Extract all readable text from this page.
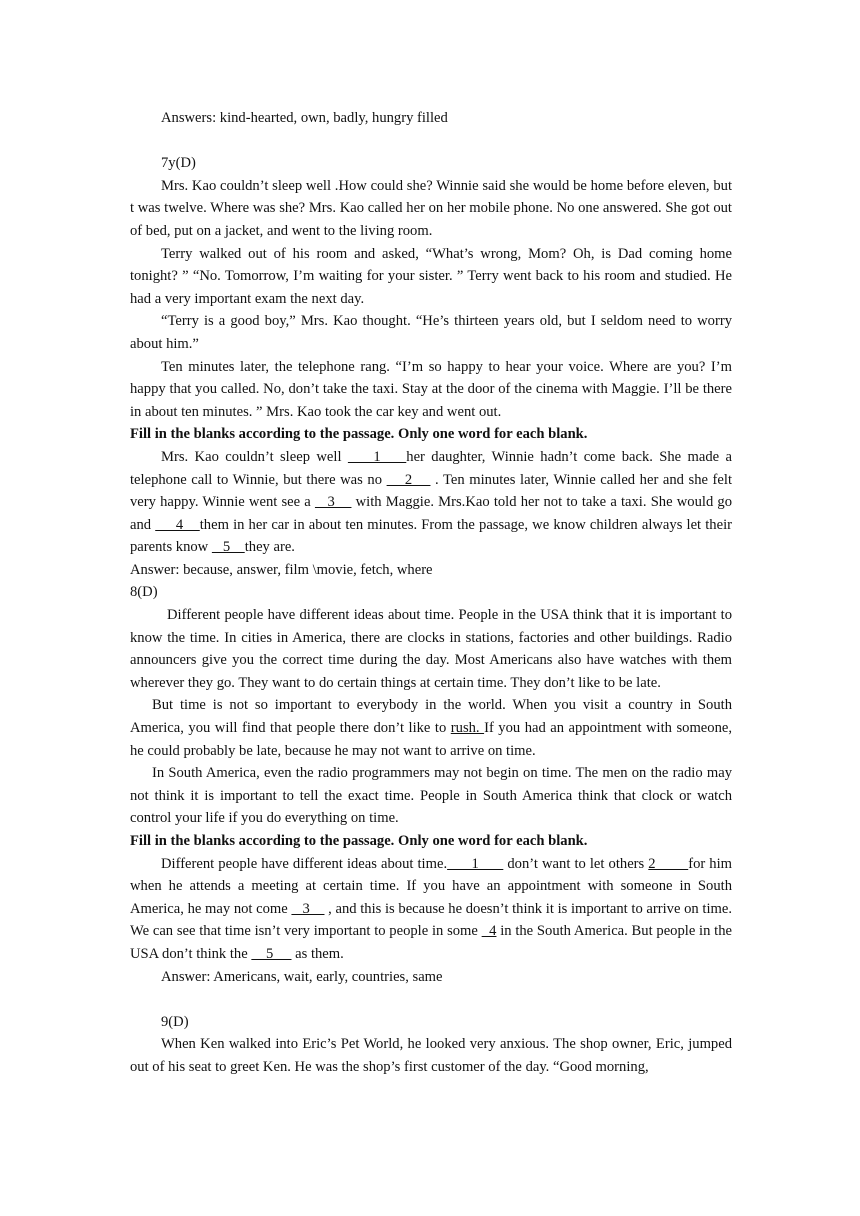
Answers: kind-hearted, own, badly, hungry filled

7y(D)

Mrs. Kao couldn’t sleep well .How could she? Winnie said she would be home before eleven, but t was twelve. Where was she? Mrs. Kao called her on her mobile phone. No one answered. She got out of bed, put on a jacket, and went to the living room.

Terry walked out of his room and asked, “What’s wrong, Mom? Oh, is Dad coming home tonight? ” “No. Tomorrow, I’m waiting for your sister. ” Terry went back to his room and studied. He had a very important exam the next day.

“Terry is a good boy,” Mrs. Kao thought. “He’s thirteen years old, but I seldom need to worry about him.”

Ten minutes later, the telephone rang. “I’m so happy to hear your voice. Where are you? I’m happy that you called. No, don’t take the taxi. Stay at the door of the cinema with Maggie. I’ll be there in about ten minutes. ” Mrs. Kao took the car key and went out.

Fill in the blanks according to the passage. Only one word for each blank.

Mrs. Kao couldn’t sleep well     1    her daughter, Winnie hadn’t come back. She made a telephone call to Winnie, but there was no     2     . Ten minutes later, Winnie called her and she felt very happy. Winnie went see a    3     with Maggie. Mrs.Kao told her not to take a taxi. She would go and      4    them in her car in about ten minutes. From the passage, we know children always let their parents know    5    they are.

Answer: because, answer, film \movie, fetch, where

8(D)

Different people have different ideas about time. People in the USA think that it is important to know the time. In cities in America, there are clocks in stations, factories and other buildings. Radio announcers give you the correct time during the day. Most Americans also have watches with them wherever they go. They want to do certain things at certain time. They don’t like to be late.

But time is not so important to everybody in the world. When you visit a country in South America, you will find that people there don’t like to rush. If you had an appointment with someone, he could probably be late, because he may not want to arrive on time.

In South America, even the radio programmers may not begin on time. The men on the radio may not think it is important to tell the exact time. People in South America think that clock or watch control your life if you do everything on time.

Fill in the blanks according to the passage. Only one word for each blank.

Different people have different ideas about time.      1       don’t want to let others 2        for him when he attends a meeting at certain time. If you have an appointment with someone in South America, he may not come    3     , and this is because he doesn’t think it is important to arrive on time. We can see that time isn’t very important to people in some   4 in the South America. But people in the USA don’t think the     5      as them.

Answer: Americans, wait, early, countries, same

9(D)

When Ken walked into Eric’s Pet World, he looked very anxious. The shop owner, Eric, jumped out of his seat to greet Ken. He was the shop’s first customer of the day. “Good morning,
